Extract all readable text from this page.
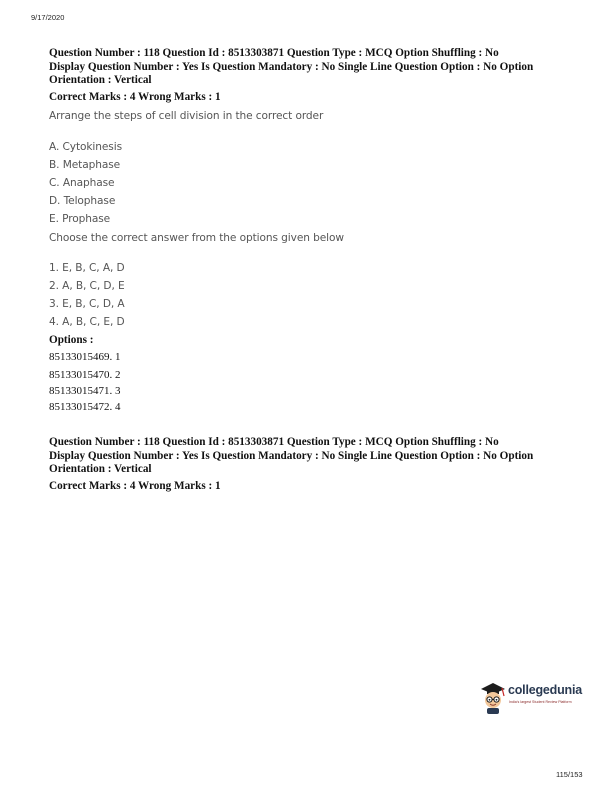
9/17/2020

Question Number : 118 Question Id : 8513303871 Question Type : MCQ Option Shuffling : No

Display Question Number : Yes Is Question Mandatory : No Single Line Question Option : No Option

Orientation : Vertical

Correct Marks : 4 Wrong Marks : 1

Arrange the steps of cell division in the correct order
A. Cytokinesis
B. Metaphase
C. Anaphase
D. Telophase
E. Prophase
Choose the correct answer from the options given below
1. E, B, C, A, D
2. A, B, C, D, E
3. E, B, C, D, A
4. A, B, C, E, D
Options :
85133015469. 1
85133015470. 2
85133015471. 3
85133015472. 4

Question Number : 118 Question Id : 8513303871 Question Type : MCQ Option Shuffling : No

Display Question Number : Yes Is Question Mandatory : No Single Line Question Option : No Option

Orientation : Vertical

Correct Marks : 4 Wrong Marks : 1

collegedunia
India's largest Student Review Platform
115/153
